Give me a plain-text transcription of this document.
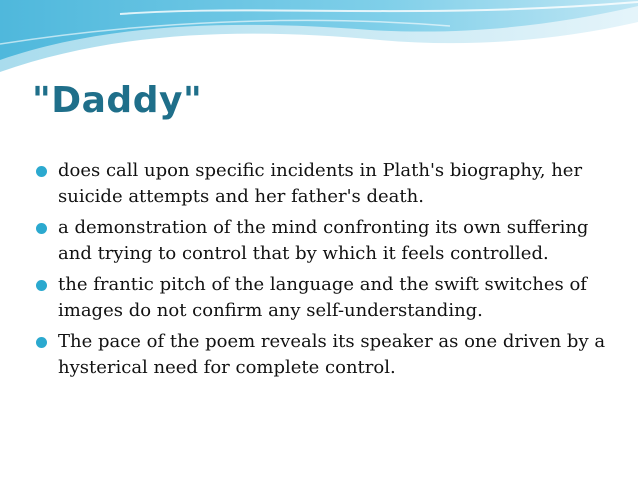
"Daddy"
does call upon specific incidents in Plath's biography, her suicide attempts and her father's death.
a demonstration of the mind confronting its own suffering and trying to control that by which it feels controlled.
the frantic pitch of the language and the swift switches of images do not confirm any self-understanding.
The pace of the poem reveals its speaker as one driven by a hysterical need for complete control.
